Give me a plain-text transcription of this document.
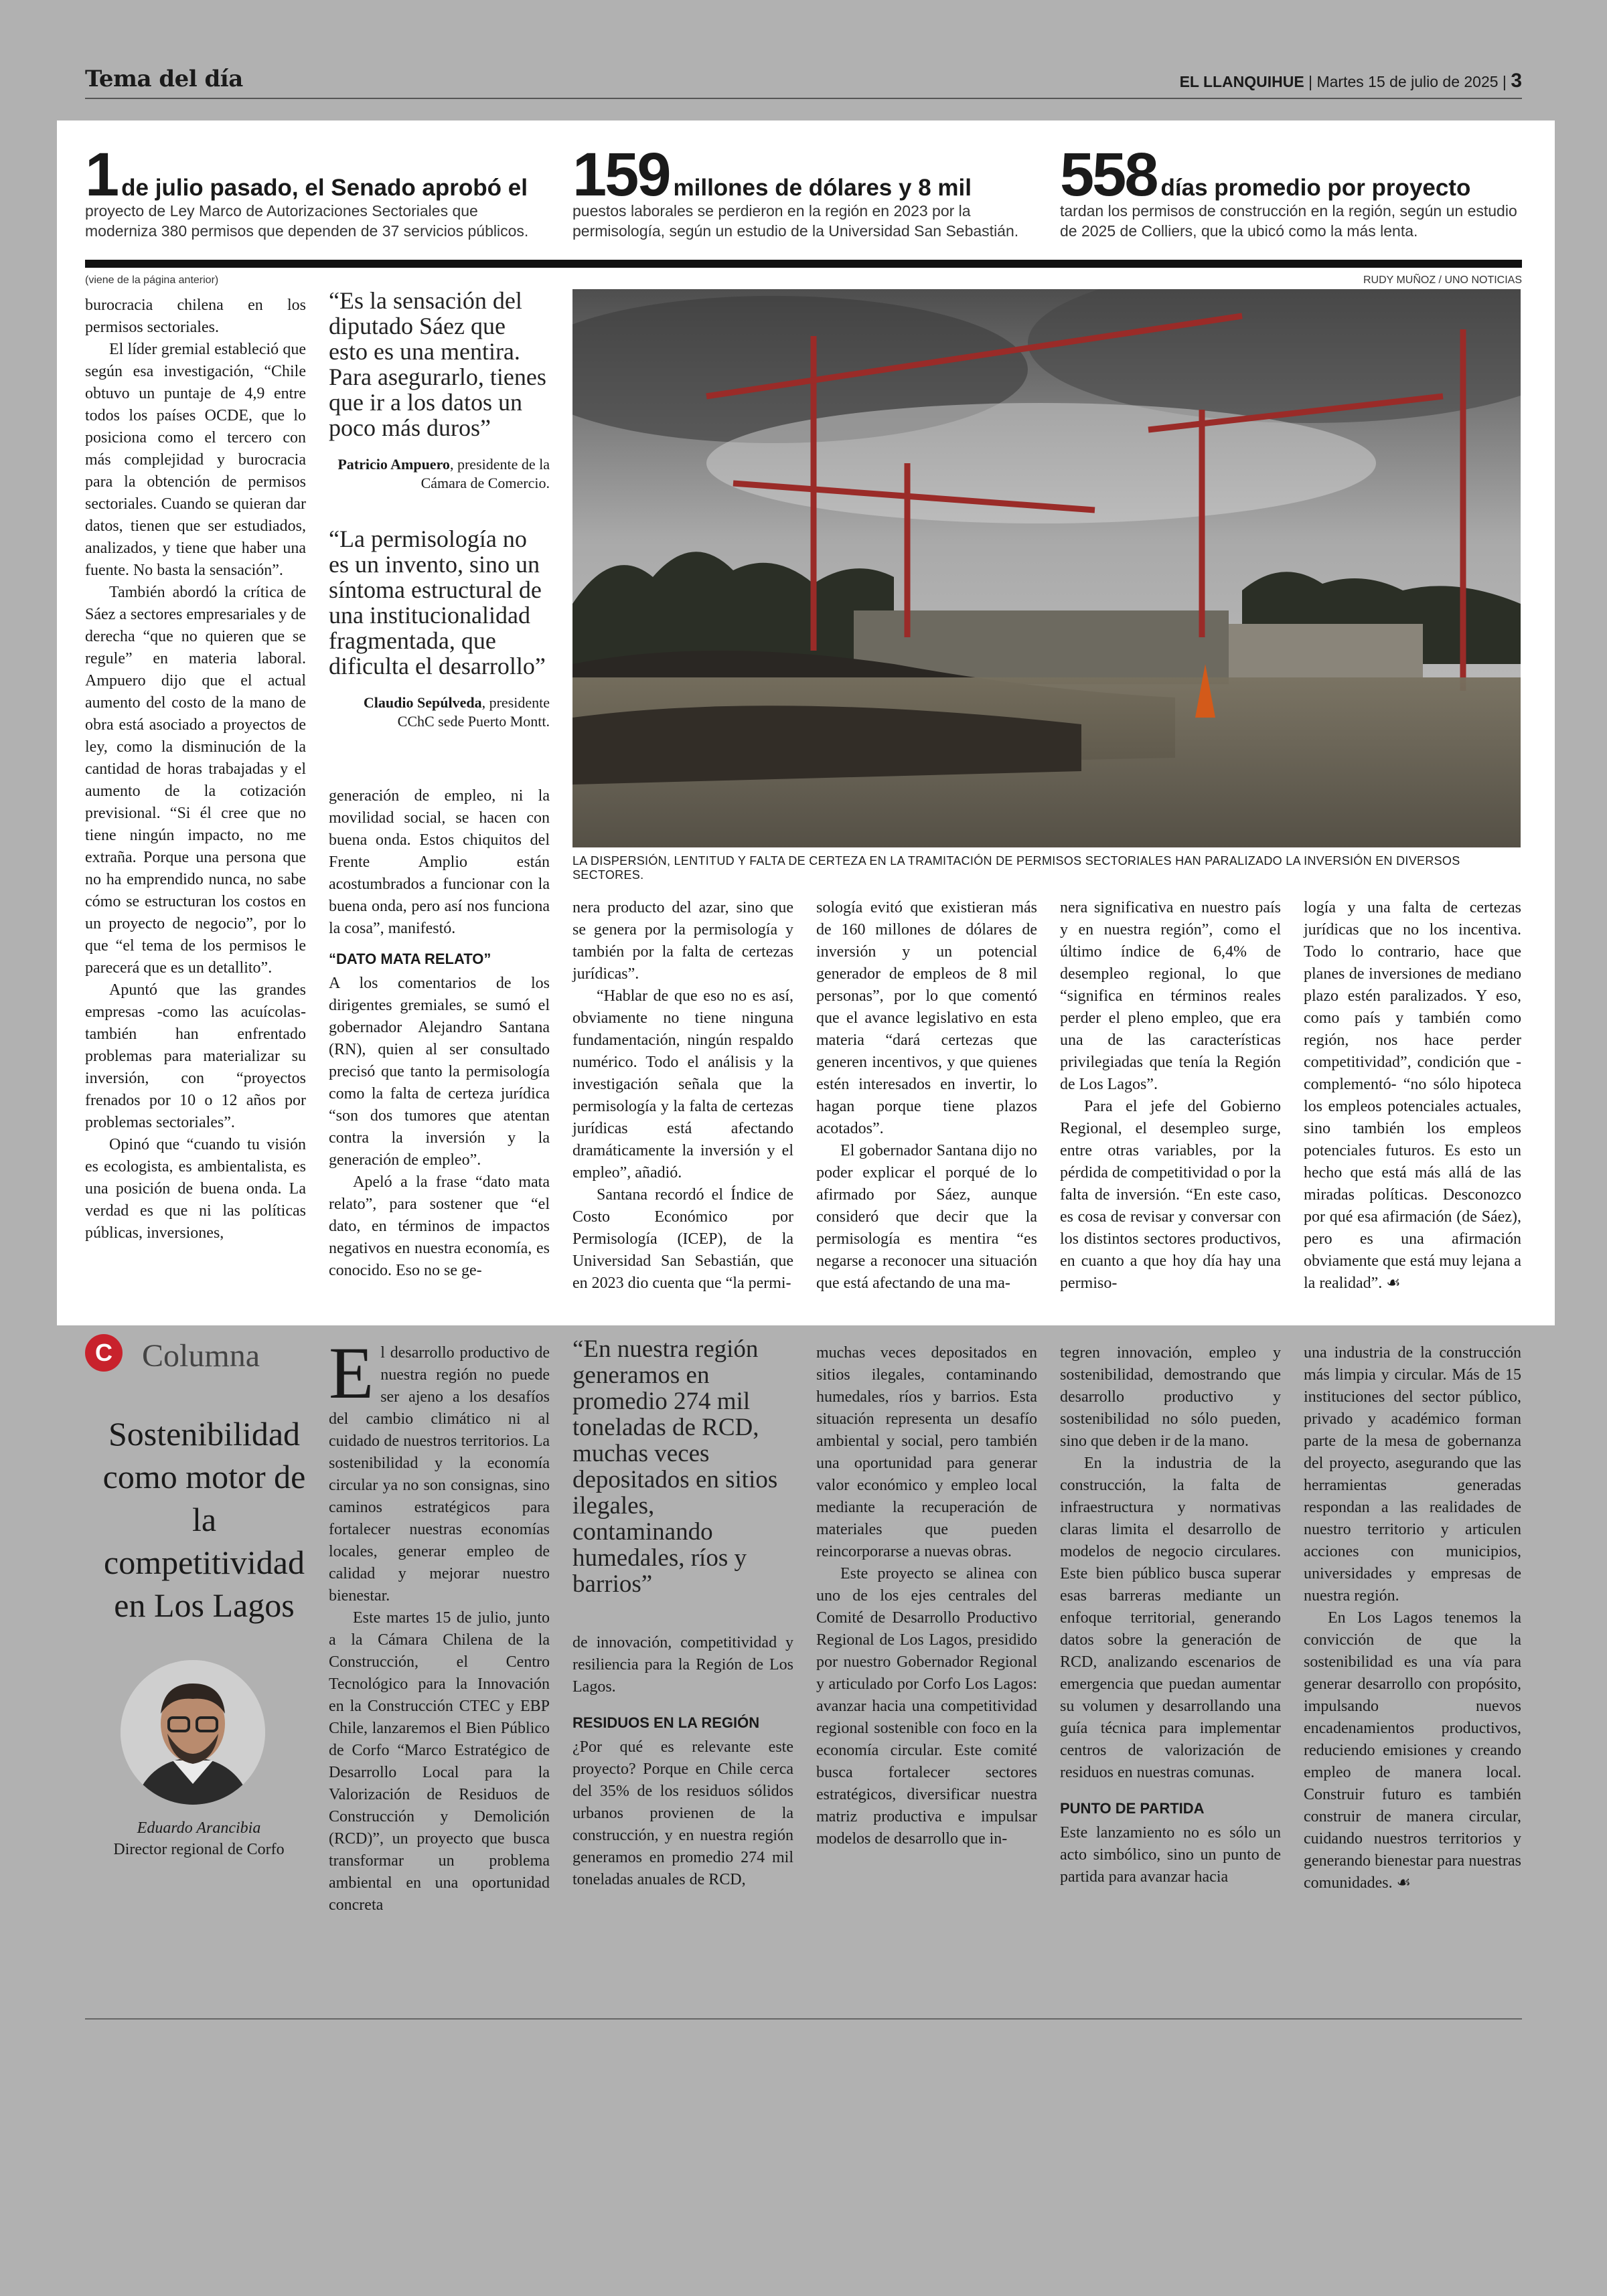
Tema del día	EL LLANQUIHUE | Martes 15 de julio de 2025 | 3
1 de julio pasado, el Senado aprobó el
proyecto de Ley Marco de Autorizaciones Sectoriales que moderniza 380 permisos que dependen de 37 servicios públicos.
159 millones de dólares y 8 mil
puestos laborales se perdieron en la región en 2023 por la permisología, según un estudio de la Universidad San Sebastián.
558 días promedio por proyecto
tardan los permisos de construcción en la región, según un estudio de 2025 de Colliers, que la ubicó como la más lenta.
(viene de la página anterior)

burocracia chilena en los permisos sectoriales.

El líder gremial estableció que según esa investigación, “Chile obtuvo un puntaje de 4,9 entre todos los países OCDE, que lo posiciona como el tercero con más complejidad y burocracia para la obtención de permisos sectoriales. Cuando se quieran dar datos, tienen que ser estudiados, analizados, y tiene que haber una fuente. No basta la sensación”.

También abordó la crítica de Sáez a sectores empresariales y de derecha “que no quieren que se regule” en materia laboral. Ampuero dijo que el actual aumento del costo de la mano de obra está asociado a proyectos de ley, como la disminución de la cantidad de horas trabajadas y el aumento de la cotización previsional. “Si él cree que no tiene ningún impacto, no me extraña. Porque una persona que no ha emprendido nunca, no sabe cómo se estructuran los costos en un proyecto de negocio”, por lo que “el tema de los permisos le parecerá que es un detallito”.

Apuntó que las grandes empresas -como las acuícolas- también han enfrentado problemas para materializar su inversión, con “proyectos frenados por 10 o 12 años por problemas sectoriales”.

Opinó que “cuando tu visión es ecologista, es ambientalista, es una posición de buena onda. La verdad es que ni las políticas públicas, inversiones,

“Es la sensación del diputado Sáez que esto es una mentira. Para asegurarlo, tienes que ir a los datos un poco más duros”
Patricio Ampuero, presidente de la Cámara de Comercio.
“La permisología no es un invento, sino un síntoma estructural de una institucionalidad fragmentada, que dificulta el desarrollo”
Claudio Sepúlveda, presidente CChC sede Puerto Montt.
RUDY MUÑOZ / UNO NOTICIAS
LA DISPERSIÓN, LENTITUD Y FALTA DE CERTEZA EN LA TRAMITACIÓN DE PERMISOS SECTORIALES HAN PARALIZADO LA INVERSIÓN EN DIVERSOS SECTORES.

generación de empleo, ni la movilidad social, se hacen con buena onda. Estos chiquitos del Frente Amplio están acostumbrados a funcionar con la buena onda, pero así nos funciona la cosa”, manifestó.

“DATO MATA RELATO”

A los comentarios de los dirigentes gremiales, se sumó el gobernador Alejandro Santana (RN), quien al ser consultado precisó que tanto la permisología como la falta de certeza jurídica “son dos tumores que atentan contra la inversión y la generación de empleo”.

Apeló a la frase “dato mata relato”, para sostener que “el dato, en términos de impactos negativos en nuestra economía, es conocido. Eso no se ge-

nera producto del azar, sino que se genera por la permisología y también por la falta de certezas jurídicas”.

“Hablar de que eso no es así, obviamente no tiene ninguna fundamentación, ningún respaldo numérico. Todo el análisis y la investigación señala que la permisología y la falta de certezas jurídicas está afectando dramáticamente la inversión y el empleo”, añadió.

Santana recordó el Índice de Costo Económico por Permisología (ICEP), de la Universidad San Sebastián, que en 2023 dio cuenta que “la permi-

sología evitó que existieran más de 160 millones de dólares de inversión y un potencial generador de empleos de 8 mil personas”, por lo que comentó que el avance legislativo en esta materia “dará certezas que generen incentivos, y que quienes estén interesados en invertir, lo hagan porque tiene plazos acotados”.

El gobernador Santana dijo no poder explicar el porqué de lo afirmado por Sáez, aunque consideró que decir que la permisología es mentira “es negarse a reconocer una situación que está afectando de una ma-

nera significativa en nuestro país y en nuestra región”, como el último índice de 6,4% de desempleo regional, lo que “significa en términos reales perder el pleno empleo, que era una de las características privilegiadas que tenía la Región de Los Lagos”.

Para el jefe del Gobierno Regional, el desempleo surge, entre otras variables, por la pérdida de competitividad o por la falta de inversión. “En este caso, es cosa de revisar y conversar con los distintos sectores productivos, en cuanto a que hoy día hay una permiso-

logía y una falta de certezas jurídicas que no los incentiva. Todo lo contrario, hace que planes de inversiones de mediano plazo estén paralizados. Y eso, como país y también como región, nos hace perder competitividad”, condición que -complementó- “no sólo hipoteca los empleos potenciales actuales, sino también los empleos potenciales futuros. Es esto un hecho que está más allá de las miradas políticas. Desconozco por qué esa afirmación (de Sáez), pero es una afirmación obviamente que está muy lejana a la realidad”. ☙

C Columna
Sostenibilidad como motor de la competitividad en Los Lagos
Eduardo Arancibia
Director regional de Corfo
E l desarrollo productivo de nuestra región no puede ser ajeno a los desafíos del cambio climático ni al cuidado de nuestros territorios. La sostenibilidad y la economía circular ya no son consignas, sino caminos estratégicos para fortalecer nuestras economías locales, generar empleo de calidad y mejorar nuestro bienestar.

Este martes 15 de julio, junto a la Cámara Chilena de la Construcción, el Centro Tecnológico para la Innovación en la Construcción CTEC y EBP Chile, lanzaremos el Bien Público de Corfo “Marco Estratégico de Desarrollo Local para la Valorización de Residuos de Construcción y Demolición (RCD)”, un proyecto que busca transformar un problema ambiental en una oportunidad concreta

“En nuestra región generamos en promedio 274 mil toneladas de RCD, muchas veces depositados en sitios ilegales, contaminando humedales, ríos y barrios”

de innovación, competitividad y resiliencia para la Región de Los Lagos.

RESIDUOS EN LA REGIÓN

¿Por qué es relevante este proyecto? Porque en Chile cerca del 35% de los residuos sólidos urbanos provienen de la construcción, y en nuestra región generamos en promedio 274 mil toneladas anuales de RCD,

muchas veces depositados en sitios ilegales, contaminando humedales, ríos y barrios. Esta situación representa un desafío ambiental y social, pero también una oportunidad para generar valor económico y empleo local mediante la recuperación de materiales que pueden reincorporarse a nuevas obras.

Este proyecto se alinea con uno de los ejes centrales del Comité de Desarrollo Productivo Regional de Los Lagos, presidido por nuestro Gobernador Regional y articulado por Corfo Los Lagos: avanzar hacia una competitividad regional sostenible con foco en la economía circular. Este comité busca fortalecer sectores estratégicos, diversificar nuestra matriz productiva e impulsar modelos de desarrollo que in-

tegren innovación, empleo y sostenibilidad, demostrando que desarrollo productivo y sostenibilidad no sólo pueden, sino que deben ir de la mano.

En la industria de la construcción, la falta de infraestructura y normativas claras limita el desarrollo de modelos de negocio circulares. Este bien público busca superar esas barreras mediante un enfoque territorial, generando datos sobre la generación de RCD, analizando escenarios de emergencia que puedan aumentar su volumen y desarrollando una guía técnica para implementar centros de valorización de residuos en nuestras comunas.

PUNTO DE PARTIDA

Este lanzamiento no es sólo un acto simbólico, sino un punto de partida para avanzar hacia

una industria de la construcción más limpia y circular. Más de 15 instituciones del sector público, privado y académico forman parte de la mesa de gobernanza del proyecto, asegurando que las herramientas generadas respondan a las realidades de nuestro territorio y articulen acciones con municipios, universidades y empresas de nuestra región.

En Los Lagos tenemos la convicción de que la sostenibilidad es una vía para generar desarrollo con propósito, impulsando nuevos encadenamientos productivos, reduciendo emisiones y creando empleo de manera local. Construir futuro es también construir de manera circular, cuidando nuestros territorios y generando bienestar para nuestras comunidades. ☙
